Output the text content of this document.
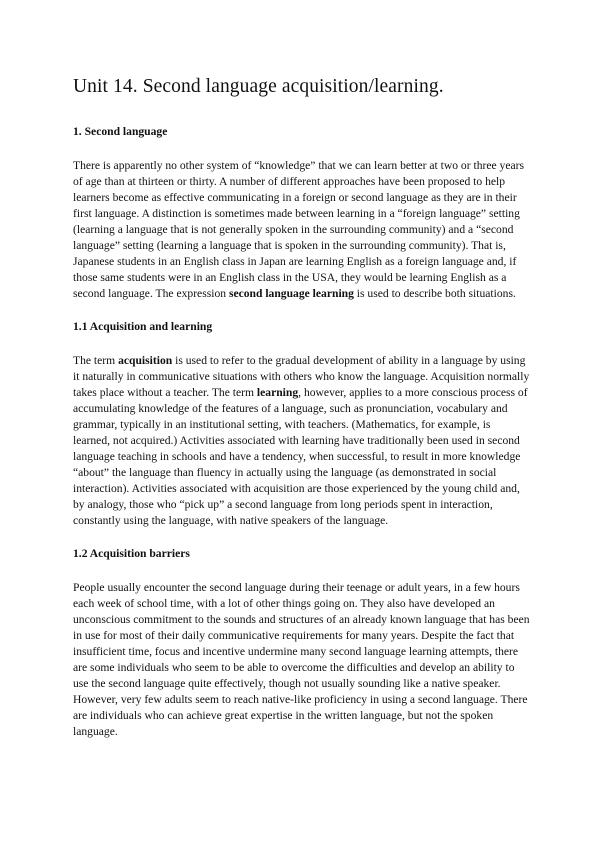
Unit 14. Second language acquisition/learning.
1. Second language

There is apparently no other system of “knowledge” that we can learn better at two or three years of age than at thirteen or thirty. A number of different approaches have been proposed to help learners become as effective communicating in a foreign or second language as they are in their first language. A distinction is sometimes made between learning in a “foreign language” setting (learning a language that is not generally spoken in the surrounding community) and a “second language” setting (learning a language that is spoken in the surrounding community). That is, Japanese students in an English class in Japan are learning English as a foreign language and, if those same students were in an English class in the USA, they would be learning English as a second language. The expression second language learning is used to describe both situations.

1.1 Acquisition and learning

The term acquisition is used to refer to the gradual development of ability in a language by using it naturally in communicative situations with others who know the language. Acquisition normally takes place without a teacher. The term learning, however, applies to a more conscious process of accumulating knowledge of the features of a language, such as pronunciation, vocabulary and grammar, typically in an institutional setting, with teachers. (Mathematics, for example, is learned, not acquired.) Activities associated with learning have traditionally been used in second language teaching in schools and have a tendency, when successful, to result in more knowledge “about” the language than fluency in actually using the language (as demonstrated in social interaction). Activities associated with acquisition are those experienced by the young child and, by analogy, those who “pick up” a second language from long periods spent in interaction, constantly using the language, with native speakers of the language.

1.2 Acquisition barriers

People usually encounter the second language during their teenage or adult years, in a few hours each week of school time, with a lot of other things going on. They also have developed an unconscious commitment to the sounds and structures of an already known language that has been in use for most of their daily communicative requirements for many years. Despite the fact that insufficient time, focus and incentive undermine many second language learning attempts, there are some individuals who seem to be able to overcome the difficulties and develop an ability to use the second language quite effectively, though not usually sounding like a native speaker. However, very few adults seem to reach native-like proficiency in using a second language. There are individuals who can achieve great expertise in the written language, but not the spoken language.
